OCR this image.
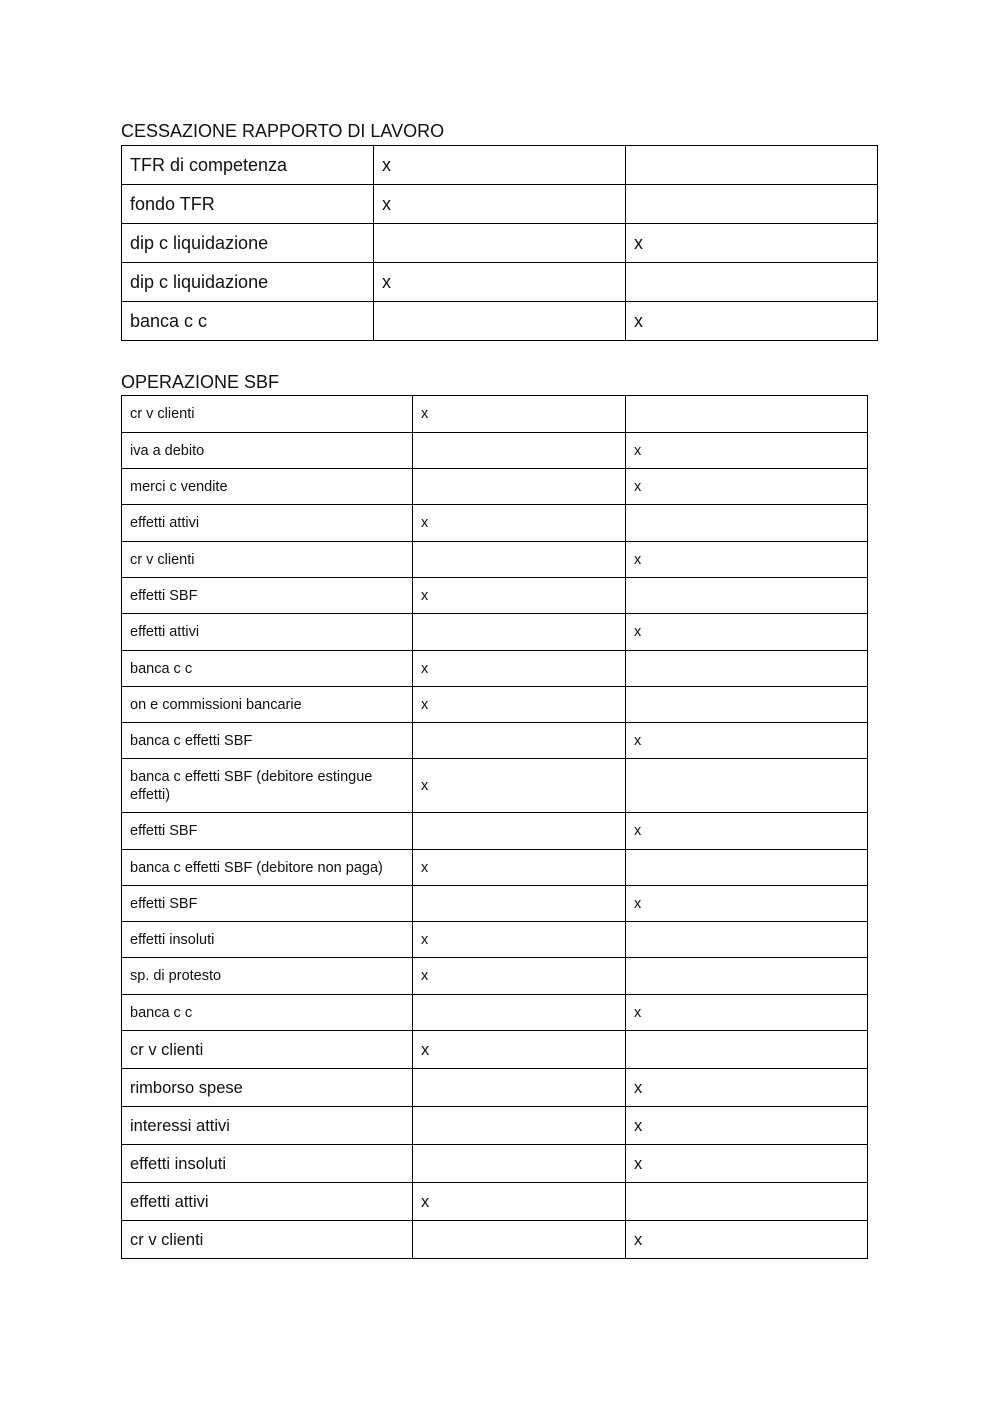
CESSAZIONE RAPPORTO DI LAVORO
TFR di competenza	x	
fondo TFR	x	
dip c liquidazione		x
dip c liquidazione	x	
banca c c		x
OPERAZIONE SBF
cr v clienti	x	
iva a debito		x
merci c vendite		x
effetti attivi	x	
cr v clienti		x
effetti SBF	x	
effetti attivi		x
banca c c	x	
on e commissioni bancarie	x	
banca c effetti SBF		x
banca c effetti SBF (debitore estingue effetti)	x	
effetti SBF		x
banca c effetti SBF (debitore non paga)	x	
effetti SBF		x
effetti insoluti	x	
sp. di protesto	x	
banca c c		x
cr v clienti	x	
rimborso spese		x
interessi attivi		x
effetti insoluti		x
effetti attivi	x	
cr v clienti		x
